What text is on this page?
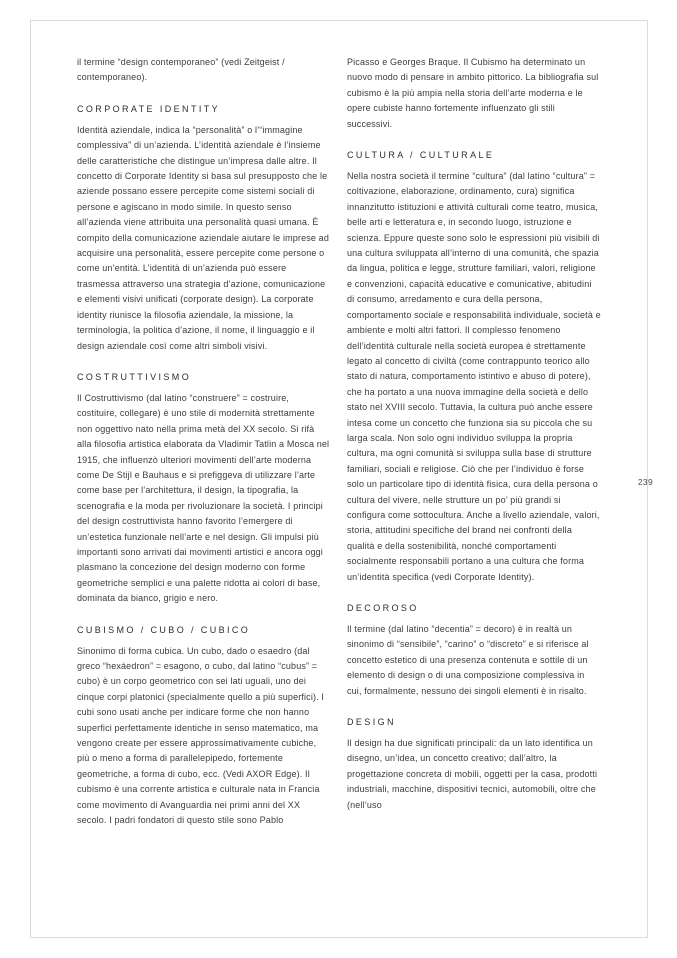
il termine “design contemporaneo” (vedi Zeitgeist / contemporaneo).

CORPORATE IDENTITY

Identità aziendale, indica la “personalità” o l’“immagine complessiva” di un’azienda. L’identità aziendale è l’insieme delle caratteristiche che distingue un’impresa dalle altre. Il concetto di Corporate Identity si basa sul presupposto che le aziende possano essere percepite come sistemi sociali di persone e agiscano in modo simile. In questo senso all’azienda viene attribuita una personalità quasi umana. È compito della comunicazione aziendale aiutare le imprese ad acquisire una personalità, essere percepite come persone o come un’entità. L’identità di un’azienda può essere trasmessa attraverso una strategia d’azione, comunicazione e elementi visivi unificati (corporate design). La corporate identity riunisce la filosofia aziendale, la missione, la terminologia, la politica d’azione, il nome, il linguaggio e il design aziendale così come altri simboli visivi.

COSTRUTTIVISMO

Il Costruttivismo (dal latino “construere” = costruire, costituire, collegare) è uno stile di modernità strettamente non oggettivo nato nella prima metà del XX secolo. Si rifà alla filosofia artistica elaborata da Vladimir Tatlin a Mosca nel 1915, che influenzò ulteriori movimenti dell’arte moderna come De Stijl e Bauhaus e si prefiggeva di utilizzare l’arte come base per l’architettura, il design, la tipografia, la scenografia e la moda per rivoluzionare la società. I principi del design costruttivista hanno favorito l’emergere di un’estetica funzionale nell’arte e nel design. Gli impulsi più importanti sono arrivati dai movimenti artistici e ancora oggi plasmano la concezione del design moderno con forme geometriche semplici e una palette ridotta ai colori di base, dominata da bianco, grigio e nero.

CUBISMO / CUBO / CUBICO

Sinonimo di forma cubica. Un cubo, dado o esaedro (dal greco “hexáedron” = esagono, o cubo, dal latino “cubus” = cubo) è un corpo geometrico con sei lati uguali, uno dei cinque corpi platonici (specialmente quello a più superfici). I cubi sono usati anche per indicare forme che non hanno superfici perfettamente identiche in senso matematico, ma vengono create per essere approssimativamente cubiche, più o meno a forma di parallelepipedo, fortemente geometriche, a forma di cubo, ecc. (Vedi AXOR Edge). Il cubismo è una corrente artistica e culturale nata in Francia come movimento di Avanguardia nei primi anni del XX secolo. I padri fondatori di questo stile sono Pablo

Picasso e Georges Braque. Il Cubismo ha determinato un nuovo modo di pensare in ambito pittorico. La bibliografia sul cubismo è la più ampia nella storia dell’arte moderna e le opere cubiste hanno fortemente influenzato gli stili successivi.

CULTURA / CULTURALE

Nella nostra società il termine “cultura” (dal latino “cultura” = coltivazione, elaborazione, ordinamento, cura) significa innanzitutto istituzioni e attività culturali come teatro, musica, belle arti e letteratura e, in secondo luogo, istruzione e scienza. Eppure queste sono solo le espressioni più visibili di una cultura sviluppata all’interno di una comunità, che spazia da lingua, politica e legge, strutture familiari, valori, religione e convenzioni, capacità educative e comunicative, abitudini di consumo, arredamento e cura della persona, comportamento sociale e responsabilità individuale, società e ambiente e molti altri fattori. Il complesso fenomeno dell’identità culturale nella società europea è strettamente legato al concetto di civiltà (come contrappunto teorico allo stato di natura, comportamento istintivo e abuso di potere), che ha portato a una nuova immagine della società e dello stato nel XVIII secolo. Tuttavia, la cultura può anche essere intesa come un concetto che funziona sia su piccola che su larga scala. Non solo ogni individuo sviluppa la propria cultura, ma ogni comunità si sviluppa sulla base di strutture familiari, sociali e religiose. Ciò che per l’individuo è forse solo un particolare tipo di identità fisica, cura della persona o cultura del vivere, nelle strutture un po’ più grandi si configura come sottocultura. Anche a livello aziendale, valori, storia, attitudini specifiche del brand nei confronti della qualità e della sostenibilità, nonché comportamenti socialmente responsabili portano a una cultura che forma un’identità specifica (vedi Corporate Identity).

DECOROSO

Il termine (dal latino “decentia” = decoro) è in realtà un sinonimo di “sensibile”, “carino” o “discreto” e si riferisce al concetto estetico di una presenza contenuta e sottile di un elemento di design o di una composizione complessiva in cui, formalmente, nessuno dei singoli elementi è in risalto.

DESIGN

Il design ha due significati principali: da un lato identifica un disegno, un’idea, un concetto creativo; dall’altro, la progettazione concreta di mobili, oggetti per la casa, prodotti industriali, macchine, dispositivi tecnici, automobili, oltre che (nell’uso

239
